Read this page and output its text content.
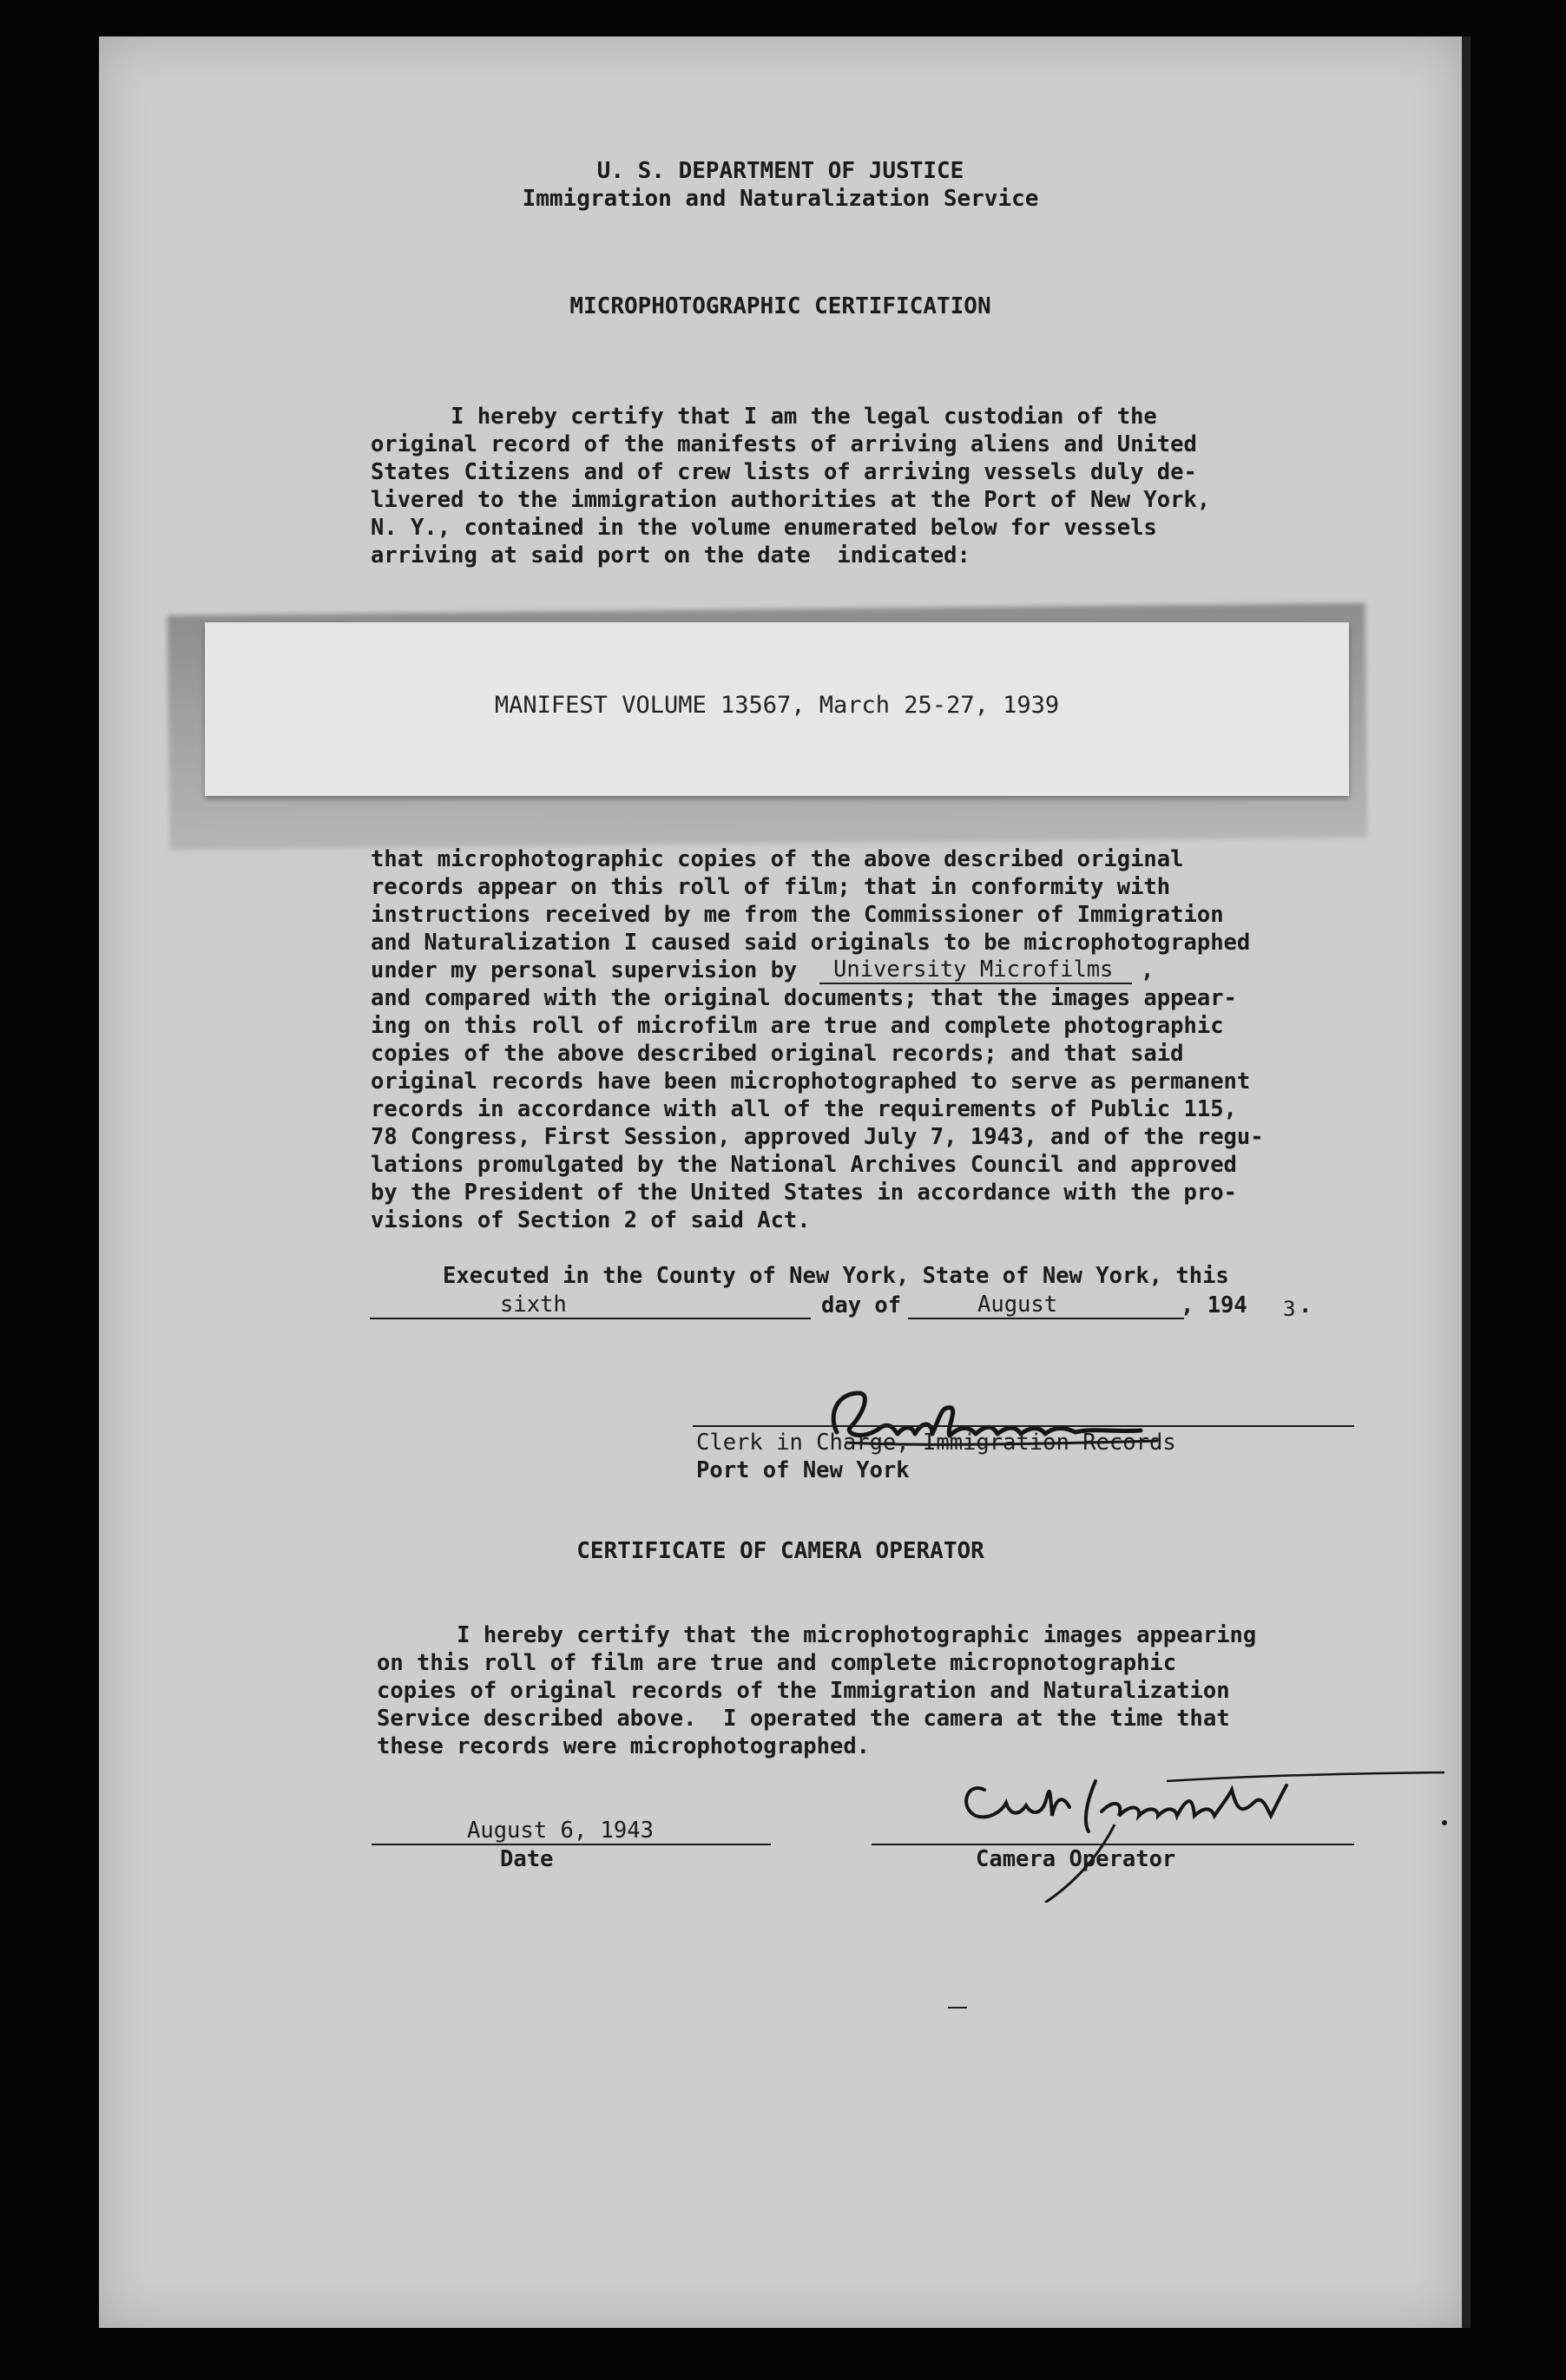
U. S. DEPARTMENT OF JUSTICE
Immigration and Naturalization Service
MICROPHOTOGRAPHIC CERTIFICATION
I hereby certify that I am the legal custodian of the
original record of the manifests of arriving aliens and United
States Citizens and of crew lists of arriving vessels duly de-
livered to the immigration authorities at the Port of New York,
N. Y., contained in the volume enumerated below for vessels
arriving at said port on the date  indicated:
MANIFEST VOLUME 13567, March 25-27, 1939
that microphotographic copies of the above described original
records appear on this roll of film; that in conformity with
instructions received by me from the Commissioner of Immigration
and Naturalization I caused said originals to be microphotographed
under my personal supervision by University Microfilms ,
and compared with the original documents; that the images appear-
ing on this roll of microfilm are true and complete photographic
copies of the above described original records; and that said
original records have been microphotographed to serve as permanent
records in accordance with all of the requirements of Public 115,
78 Congress, First Session, approved July 7, 1943, and of the regu-
lations promulgated by the National Archives Council and approved
by the President of the United States in accordance with the pro-
visions of Section 2 of said Act.
Executed in the County of New York, State of New York, this
sixth	day of	August	, 194 3 .
Clerk in Charge, Immigration Records
Port of New York
CERTIFICATE OF CAMERA OPERATOR
I hereby certify that the microphotographic images appearing
on this roll of film are true and complete micropnotographic
copies of original records of the Immigration and Naturalization
Service described above.  I operated the camera at the time that
these records were microphotographed.
August 6, 1943
Date	Camera Operator
